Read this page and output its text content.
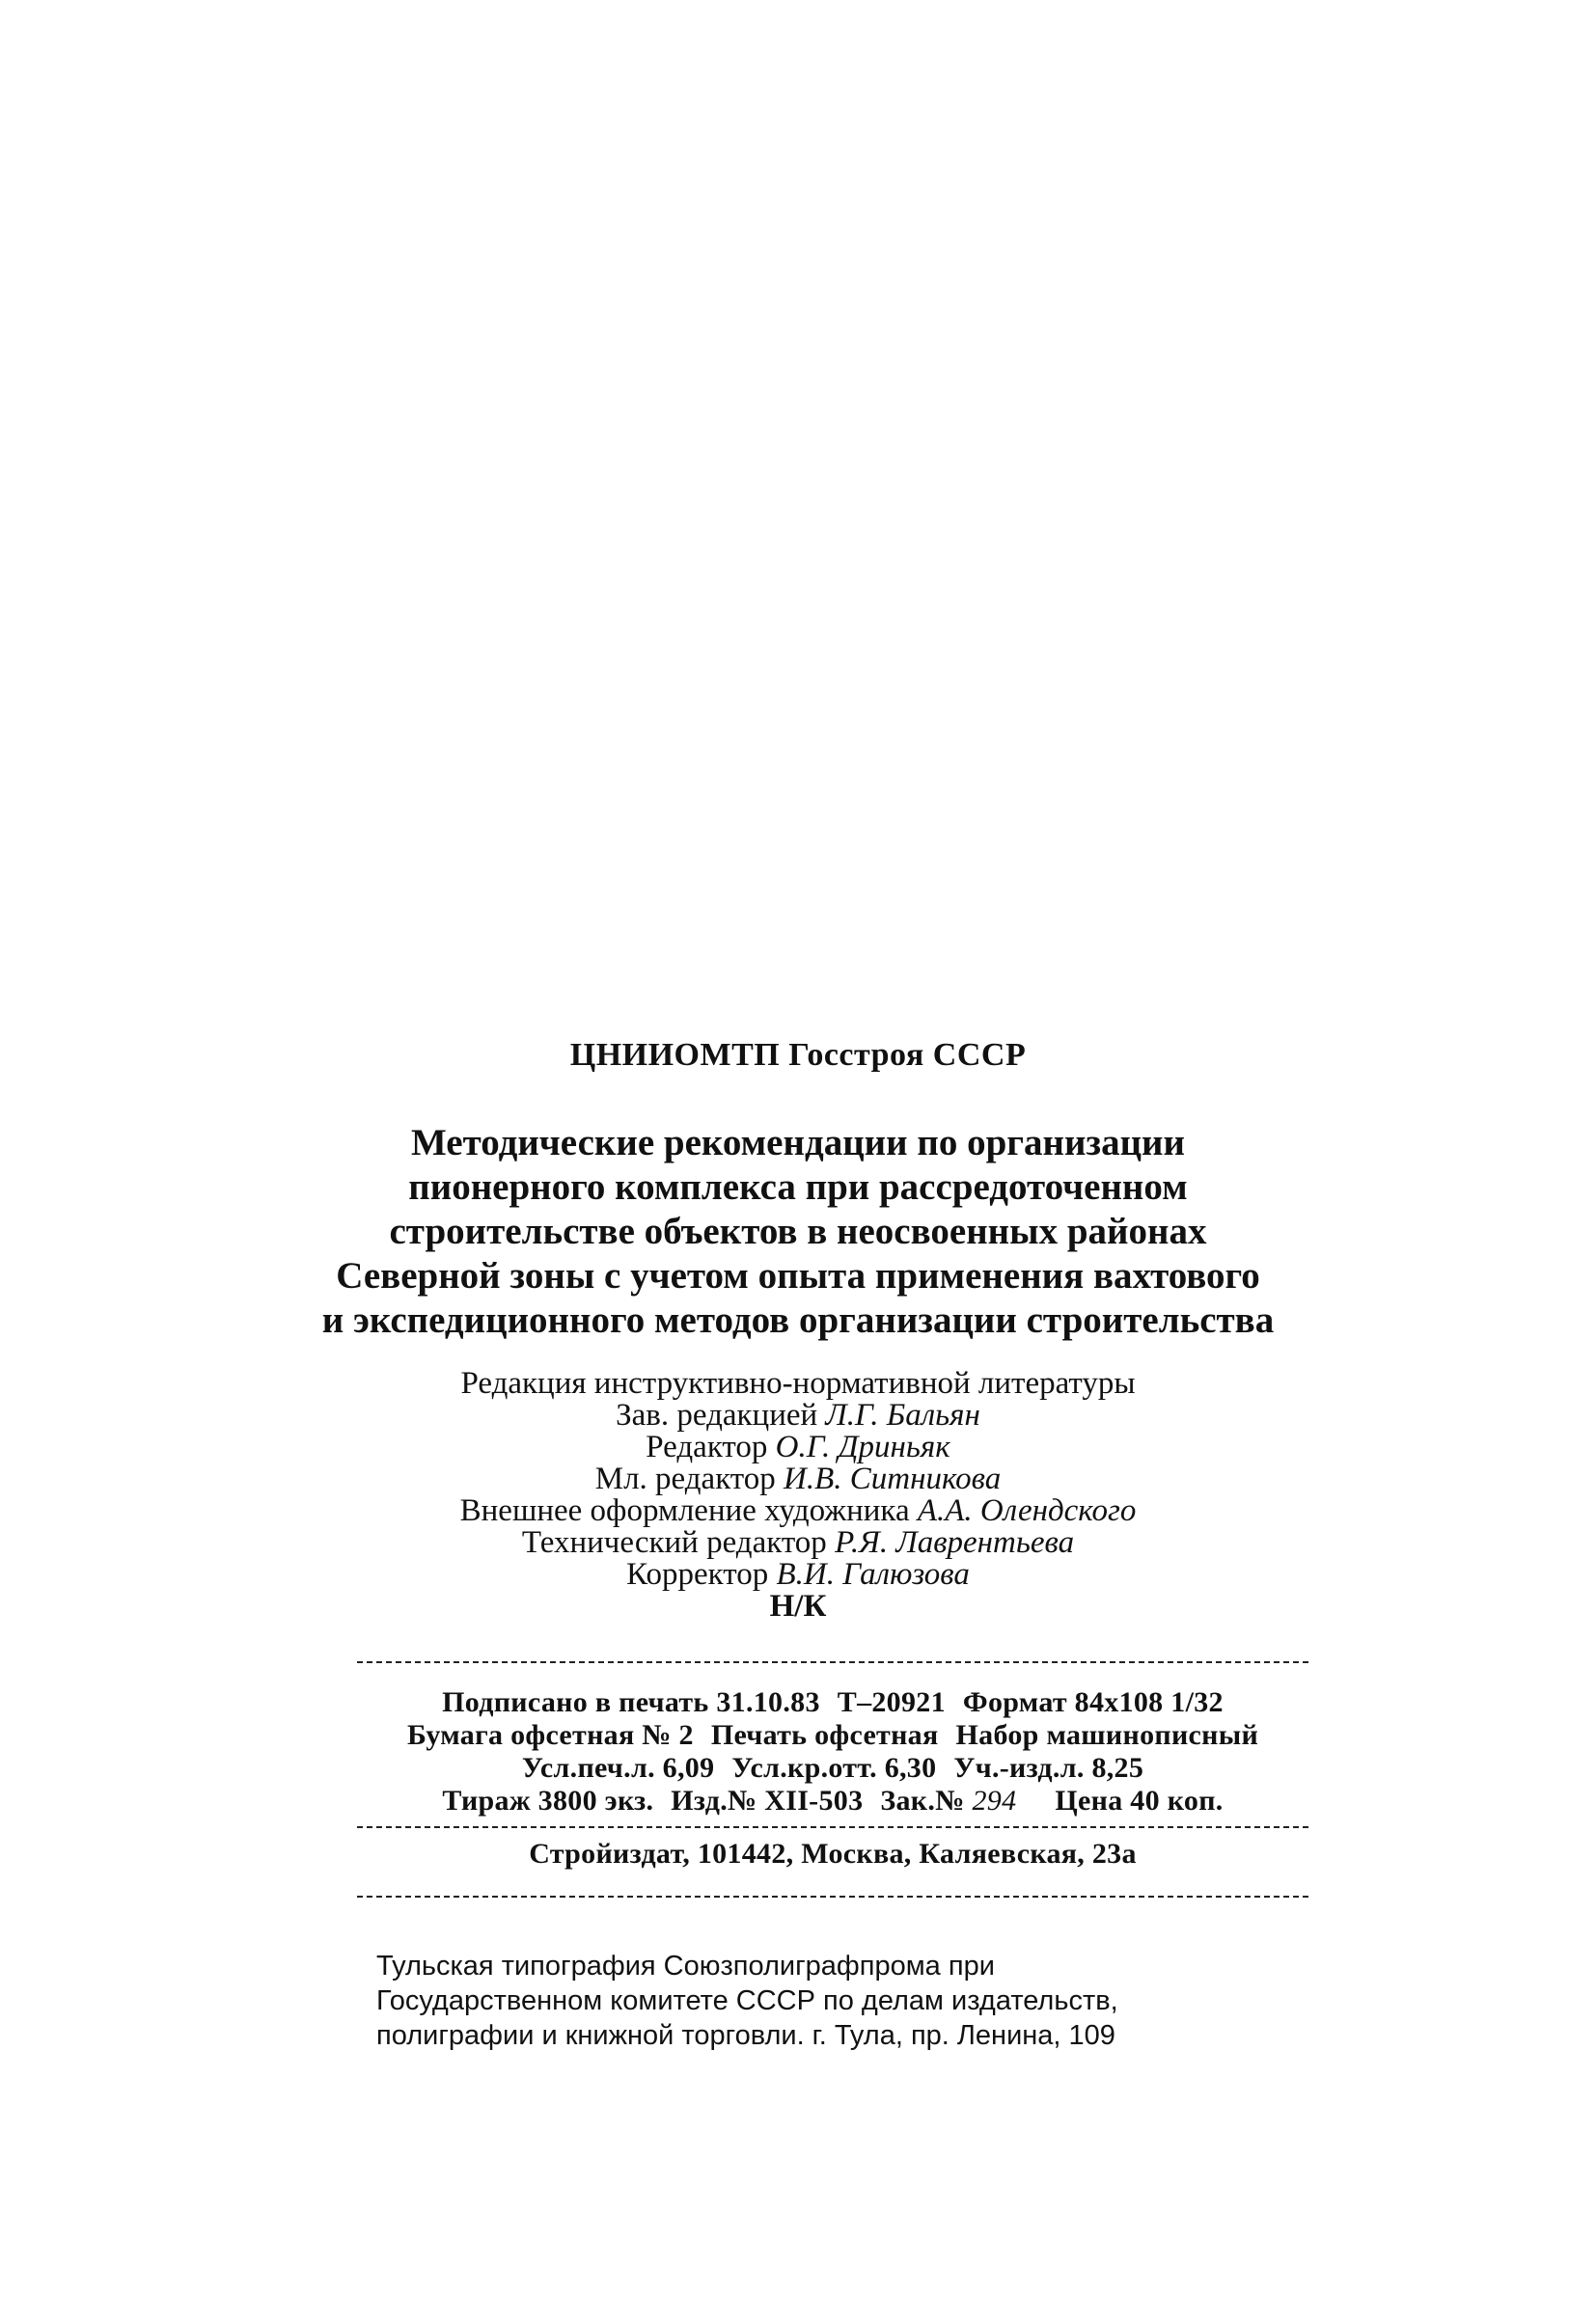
ЦНИИОМТП Госстроя СССР
Методические рекомендации по организации
пионерного комплекса при рассредоточенном
строительстве объектов в неосвоенных районах
Северной зоны с учетом опыта применения вахтового
и экспедиционного методов организации строительства
Редакция инструктивно-нормативной литературы
Зав. редакцией Л.Г. Бальян
Редактор О.Г. Дриньяк
Мл. редактор И.В. Ситникова
Внешнее оформление художника А.А. Олендского
Технический редактор Р.Я. Лаврентьева
Корректор В.И. Галюзова
Н/К
Подписано в печать 31.10.83 Т–20921 Формат 84х108 1/32
Бумага офсетная № 2 Печать офсетная Набор машинописный
Усл.печ.л. 6,09 Усл.кр.отт. 6,30 Уч.-изд.л. 8,25
Тираж 3800 экз. Изд.№ XII-503 Зак.№ 294 Цена 40 коп.
Стройиздат, 101442, Москва, Каляевская, 23а
Тульская типография Союзполиграфпрома при
Государственном комитете СССР по делам издательств,
полиграфии и книжной торговли. г. Тула, пр. Ленина, 109
